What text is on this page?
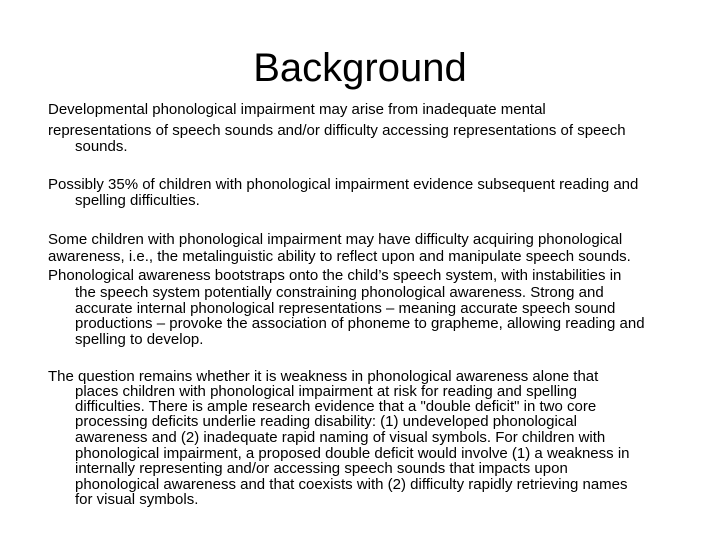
Background
Developmental phonological impairment may arise from inadequate mental
representations of speech sounds and/or difficulty accessing representations of speech
sounds.
Possibly 35% of children with phonological impairment evidence subsequent reading and
spelling difficulties.
Some children with phonological impairment may have difficulty acquiring phonological
awareness, i.e., the metalinguistic ability to reflect upon and manipulate speech sounds.
Phonological awareness bootstraps onto the child’s speech system, with instabilities in
the speech system potentially constraining phonological awareness. Strong and
accurate internal phonological representations – meaning accurate speech sound
productions – provoke the association of phoneme to grapheme, allowing reading and
spelling to develop.
The question remains whether it is weakness in phonological awareness alone that
places children with phonological impairment at risk for reading and spelling
difficulties. There is ample research evidence that a "double deficit" in two core
processing deficits underlie reading disability: (1) undeveloped phonological
awareness and (2) inadequate rapid naming of visual symbols. For children with
phonological impairment, a proposed double deficit would involve (1) a weakness in
internally representing and/or accessing speech sounds that impacts upon
phonological awareness and that coexists with (2) difficulty rapidly retrieving names
for visual symbols.
